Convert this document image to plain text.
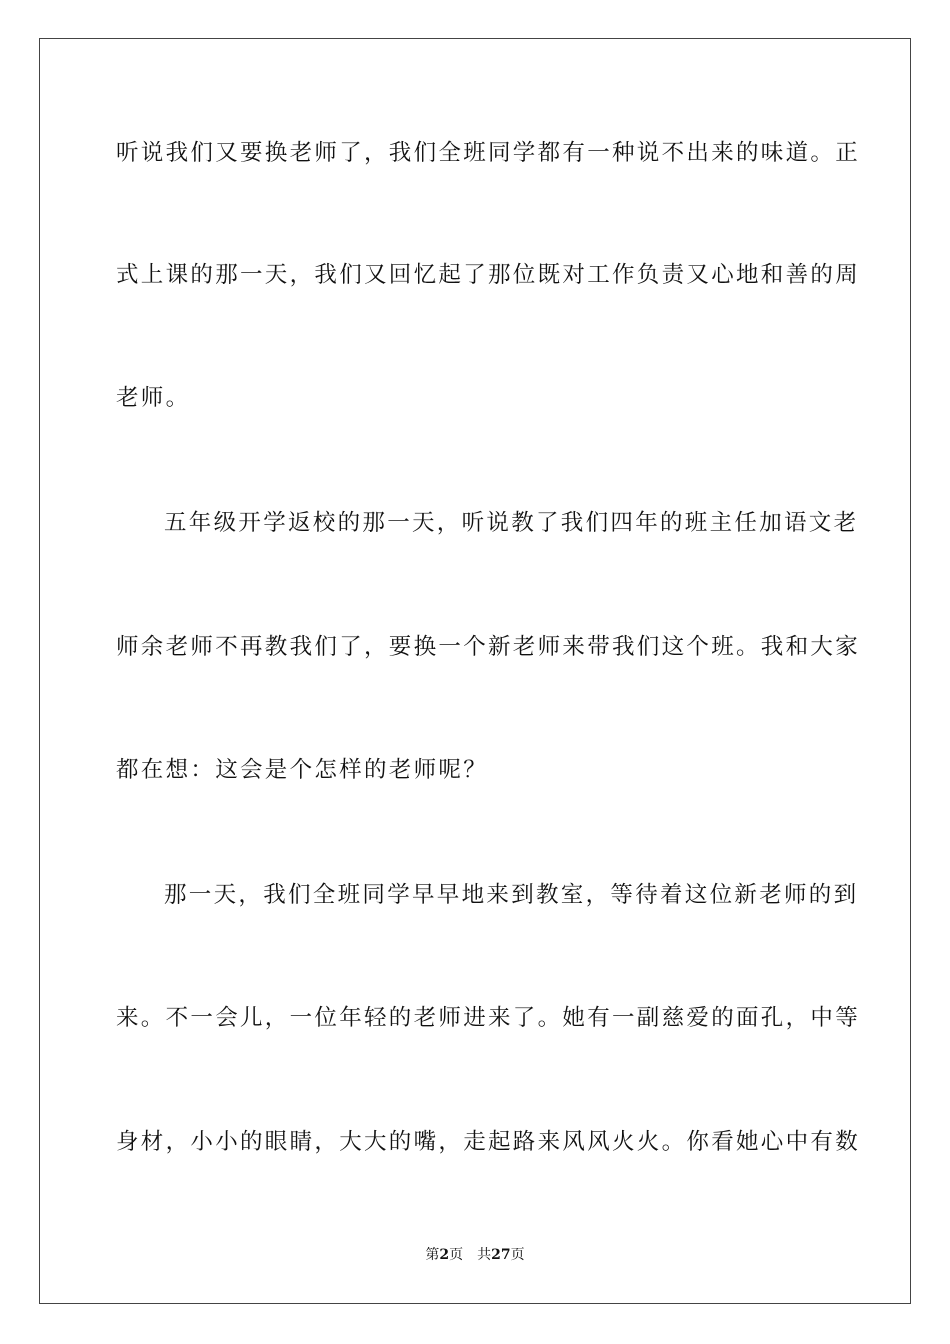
听说我们又要换老师了，我们全班同学都有一种说不出来的味道。正
式上课的那一天，我们又回忆起了那位既对工作负责又心地和善的周
老师。
五年级开学返校的那一天，听说教了我们四年的班主任加语文老
师余老师不再教我们了，要换一个新老师来带我们这个班。我和大家
都在想：这会是个怎样的老师呢？
那一天，我们全班同学早早地来到教室，等待着这位新老师的到
来。不一会儿，一位年轻的老师进来了。她有一副慈爱的面孔，中等
身材，小小的眼睛，大大的嘴，走起路来风风火火。你看她心中有数
第2页 共27页
